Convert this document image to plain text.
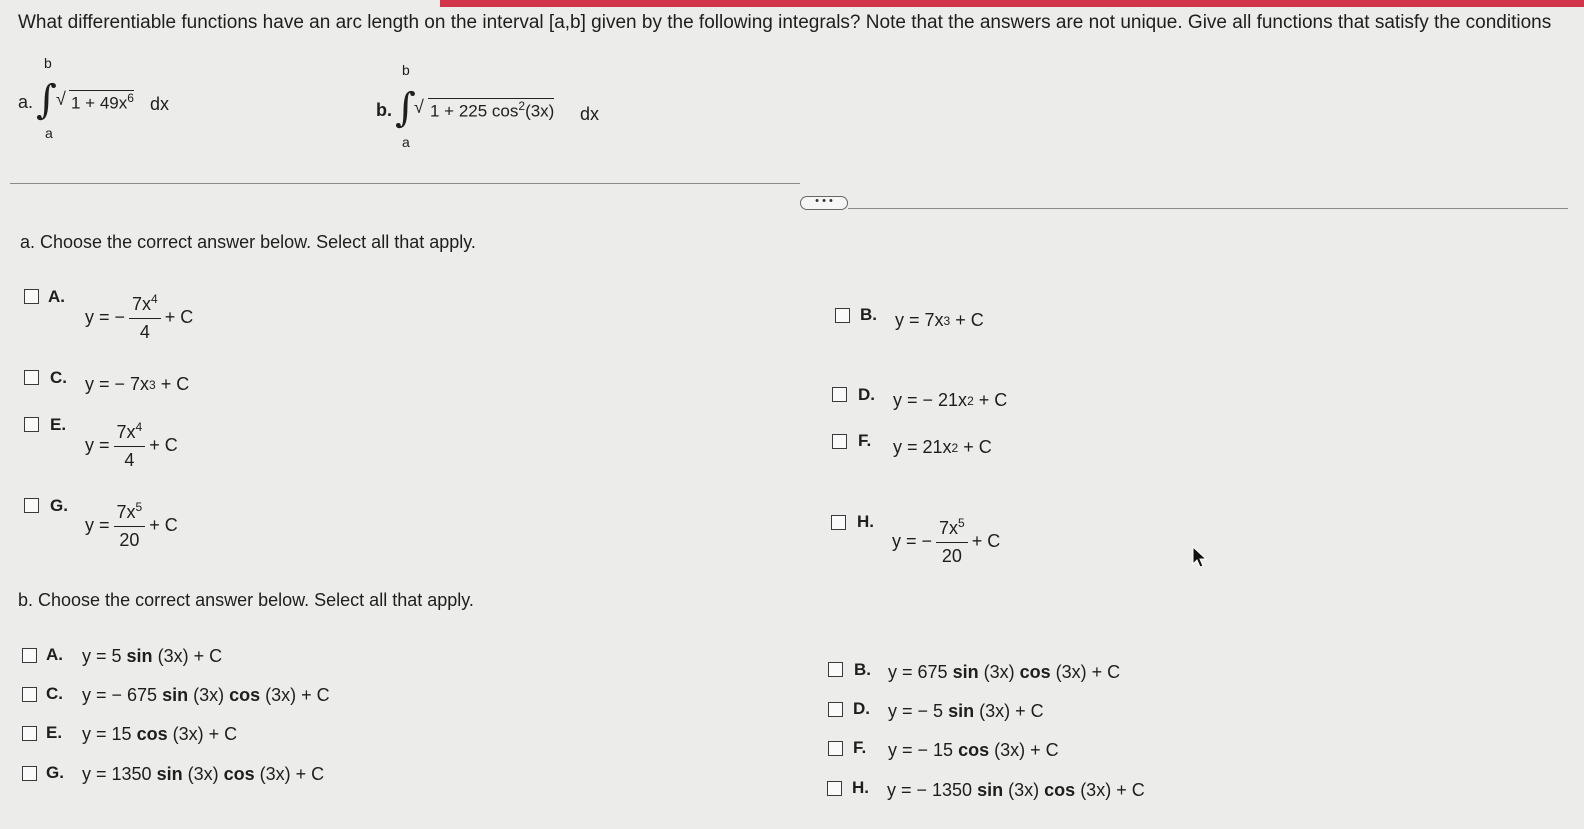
What differentiable functions have an arc length on the interval [a,b] given by the following integrals? Note that the answers are not unique. Give all functions that satisfy the conditions
a.
b
∫
a
√ $1 + 49x^6$ dx	b.
b
∫
a
√ 1 + 225 $\cos^2(3x)$ dx
• • •
a. Choose the correct answer below. Select all that apply.
A.
y = − $\frac{7x^4}{4} + C$	B. y = 7x 3
+ C
C. y = − 7x 3
+ C
D. y = − 21x 2
+ C
E.
$y = \frac{7x^4}{4} + C$	F. y = 21x 2
+ C
G.
$y = \frac{7x^5}{20} + C$	H.
y = − $\frac{7x^5}{20} + C$
b. Choose the correct answer below. Select all that apply.
A. y = 5
sin
(3x) + C
C. y = − 675
sin
(3x)
cos
(3x) + C
E. y = 15
cos
(3x) + C
G. y = 1350
sin
(3x)
cos
(3x) + C
B. y = 675
sin
(3x)
cos
(3x) + C
D. y = − 5
sin
(3x) + C
F. y = − 15
cos
(3x) + C
H. y = − 1350
sin
(3x)
cos
(3x) + C
